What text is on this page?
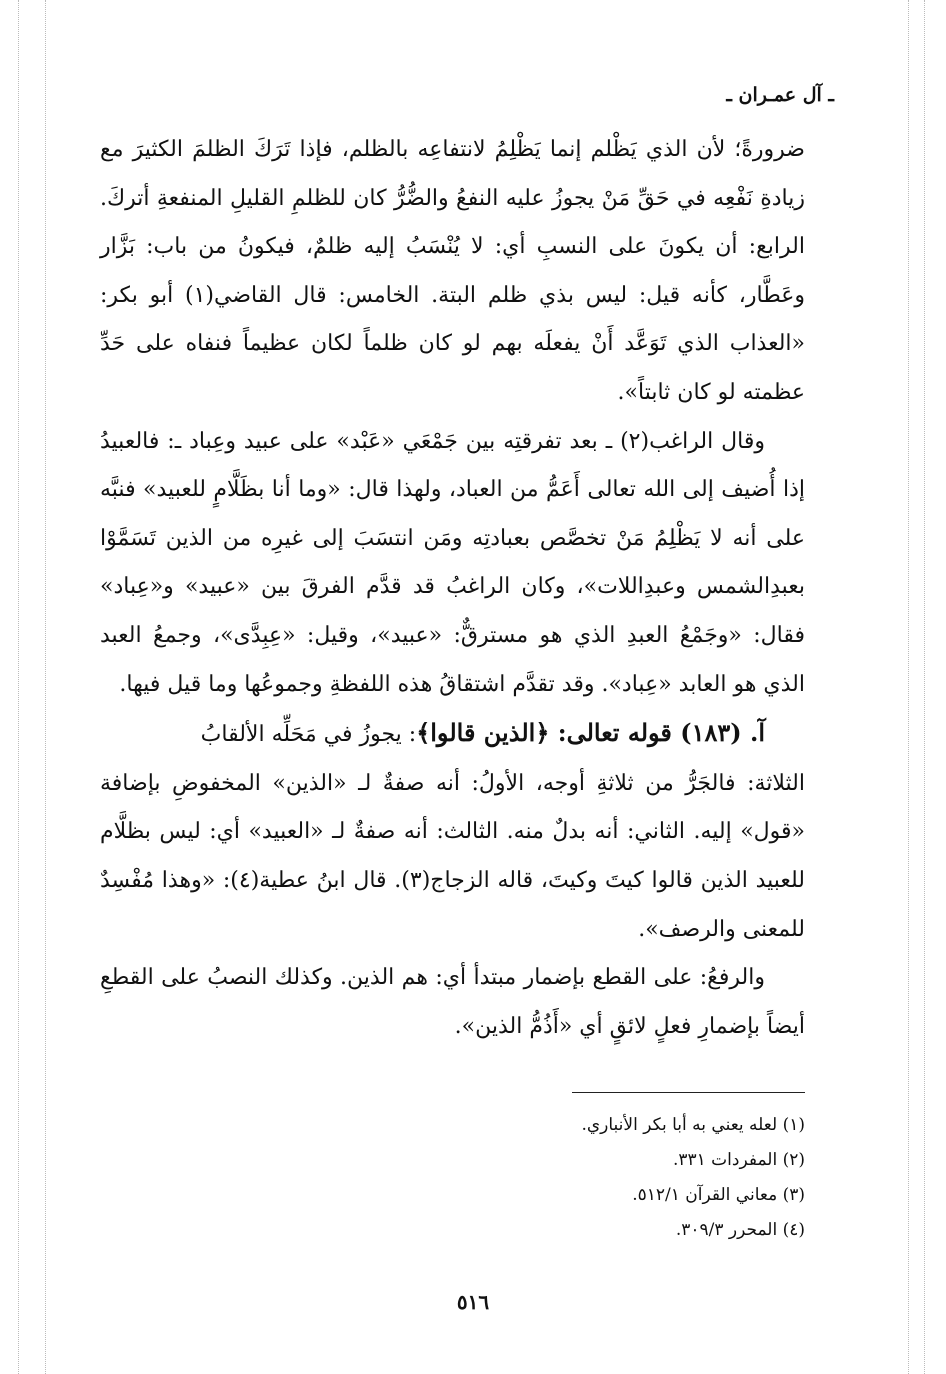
ـ آل عمـران ـ

ضرورةً؛ لأن الذي يَظْلم إنما يَظْلِمُ لانتفاعِه بالظلم، فإذا تَرَكَ الظلمَ الكثيرَ مع زيادةِ نَفْعِه في حَقِّ مَنْ يجوزُ عليه النفعُ والضُّرُّ كان للظلمِ القليلِ المنفعةِ أتركَ. الرابع: أن يكونَ على النسبِ أي: لا يُنْسَبُ إليه ظلمٌ، فيكونُ من باب: بَزَّار وعَطَّار، كأنه قيل: ليس بذي ظلم البتة. الخامس: قال القاضي(١) أبو بكر: «العذاب الذي تَوَعَّد أَنْ يفعلَه بهم لو كان ظلماً لكان عظيماً فنفاه على حَدِّ عظمته لو كان ثابتاً».

وقال الراغب(٢) ـ بعد تفرقتِه بين جَمْعَي «عَبْد» على عبيد وعِباد ـ: فالعبيدُ إذا أُضيف إلى الله تعالى أَعَمُّ من العباد، ولهذا قال: «وما أنا بظَلَّامٍ للعبيد» فنبَّه على أنه لا يَظْلِمُ مَنْ تخصَّص بعبادتِه ومَن انتسَبَ إلى غيرِه من الذين تَسَمَّوْا بعبدِالشمس وعبدِاللات»، وكان الراغبُ قد قدَّم الفرقَ بين «عبيد» و«عِباد» فقال: «وجَمْعُ العبدِ الذي هو مسترقٌّ: «عبيد»، وقيل: «عِبِدَّى»، وجمعُ العبد الذي هو العابد «عِباد». وقد تقدَّم اشتقاقُ هذه اللفظةِ وجموعُها وما قيل فيها.

آ. (١٨٣) قوله تعالى: ﴿الذين قالوا﴾: يجوزُ في مَحَلِّه الألقابُ

الثلاثة: فالجَرُّ من ثلاثةِ أوجه، الأولُ: أنه صفةٌ لـ «الذين» المخفوضِ بإضافة «قول» إليه. الثاني: أنه بدلٌ منه. الثالث: أنه صفةٌ لـ «العبيد» أي: ليس بظلَّام للعبيد الذين قالوا كيتَ وكيتَ، قاله الزجاج(٣). قال ابنُ عطية(٤): «وهذا مُفْسِدٌ للمعنى والرصف».

والرفعُ: على القطع بإضمار مبتدأ أي: هم الذين. وكذلك النصبُ على القطعِ أيضاً بإضمارِ فعلٍ لائقٍ أي «أَذُمُّ الذين».

(١) لعله يعني به أبا بكر الأنباري.

(٢) المفردات ٣٣١.

(٣) معاني القرآن ٥١٢/١.

(٤) المحرر ٣٠٩/٣.

٥١٦
